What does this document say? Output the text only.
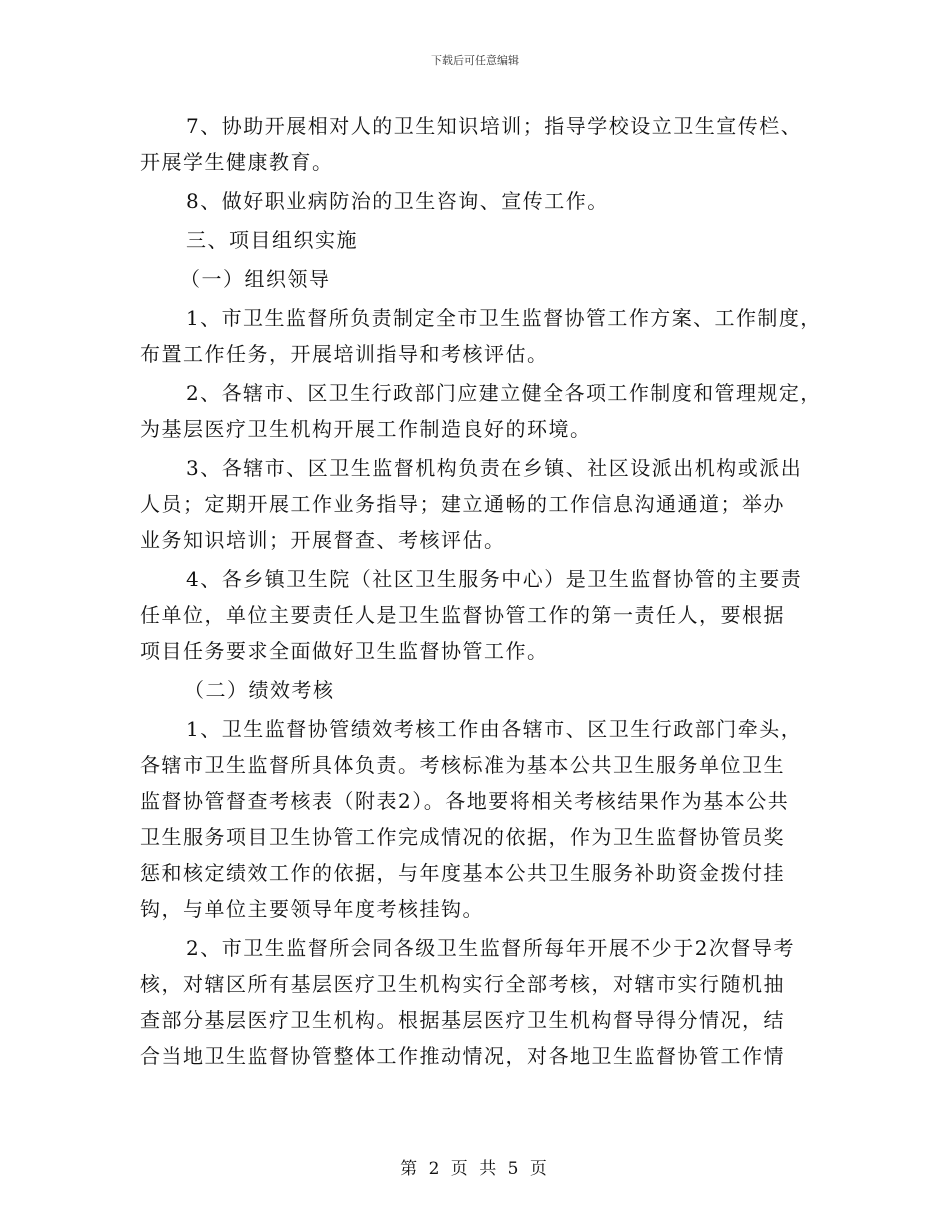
下载后可任意编辑
7、协助开展相对人的卫生知识培训；指导学校设立卫生宣传栏、
开展学生健康教育。
8、做好职业病防治的卫生咨询、宣传工作。
三、项目组织实施
（一）组织领导
1、市卫生监督所负责制定全市卫生监督协管工作方案、工作制度，
布置工作任务，开展培训指导和考核评估。
2、各辖市、区卫生行政部门应建立健全各项工作制度和管理规定，
为基层医疗卫生机构开展工作制造良好的环境。
3、各辖市、区卫生监督机构负责在乡镇、社区设派出机构或派出
人员；定期开展工作业务指导；建立通畅的工作信息沟通通道；举办
业务知识培训；开展督查、考核评估。
4、各乡镇卫生院（社区卫生服务中心）是卫生监督协管的主要责
任单位，单位主要责任人是卫生监督协管工作的第一责任人，要根据
项目任务要求全面做好卫生监督协管工作。
（二）绩效考核
1、卫生监督协管绩效考核工作由各辖市、区卫生行政部门牵头，
各辖市卫生监督所具体负责。考核标准为基本公共卫生服务单位卫生
监督协管督查考核表（附表2）。各地要将相关考核结果作为基本公共
卫生服务项目卫生协管工作完成情况的依据，作为卫生监督协管员奖
惩和核定绩效工作的依据，与年度基本公共卫生服务补助资金拨付挂
钩，与单位主要领导年度考核挂钩。
2、市卫生监督所会同各级卫生监督所每年开展不少于2次督导考
核，对辖区所有基层医疗卫生机构实行全部考核，对辖市实行随机抽
查部分基层医疗卫生机构。根据基层医疗卫生机构督导得分情况，结
合当地卫生监督协管整体工作推动情况，对各地卫生监督协管工作情
第 2 页 共 5 页
